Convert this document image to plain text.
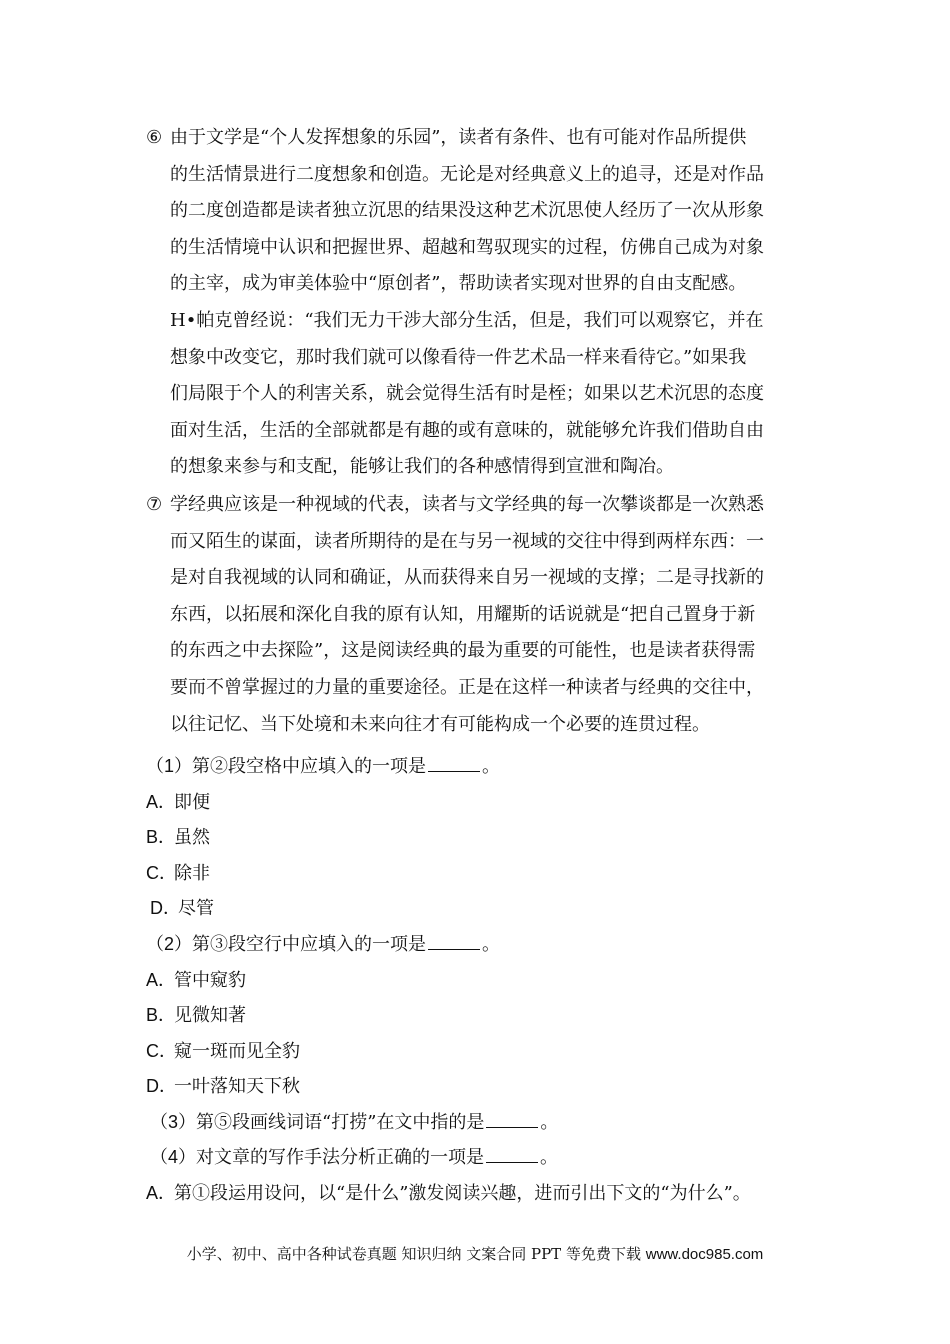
⑥ 由于文学是“个人发挥想象的乐园”，读者有条件、也有可能对作品所提供
的生活情景进行二度想象和创造。无论是对经典意义上的追寻，还是对作品
的二度创造都是读者独立沉思的结果没这种艺术沉思使人经历了一次从形象
的生活情境中认识和把握世界、超越和驾驭现实的过程，仿佛自己成为对象
的主宰，成为审美体验中“原创者”，帮助读者实现对世界的自由支配感。
H•帕克曾经说：“我们无力干涉大部分生活，但是，我们可以观察它，并在
想象中改变它，那时我们就可以像看待一件艺术品一样来看待它。”如果我
们局限于个人的利害关系，就会觉得生活有时是桎；如果以艺术沉思的态度
面对生活，生活的全部就都是有趣的或有意味的，就能够允许我们借助自由
的想象来参与和支配，能够让我们的各种感情得到宣泄和陶冶。
⑦ 学经典应该是一种视域的代表，读者与文学经典的每一次攀谈都是一次熟悉
而又陌生的谋面，读者所期待的是在与另一视域的交往中得到两样东西：一
是对自我视域的认同和确证，从而获得来自另一视域的支撑；二是寻找新的
东西，以拓展和深化自我的原有认知，用耀斯的话说就是“把自己置身于新
的东西之中去探险”，这是阅读经典的最为重要的可能性，也是读者获得需
要而不曾掌握过的力量的重要途径。正是在这样一种读者与经典的交往中，
以往记忆、当下处境和未来向往才有可能构成一个必要的连贯过程。
（1）第②段空格中应填入的一项是	。
A．即便
B．虽然
C．除非
D．尽管
（2）第③段空行中应填入的一项是	。
A．管中窥豹
B．见微知著
C．窥一斑而见全豹
D．一叶落知天下秋
（3）第⑤段画线词语“打捞”在文中指的是	。
（4）对文章的写作手法分析正确的一项是	。
A．第①段运用设问，以“是什么”激发阅读兴趣，进而引出下文的“为什么”。
小学、初中、高中各种试卷真题 知识归纳 文案合同 PPT 等免费下载 www.doc985.com
